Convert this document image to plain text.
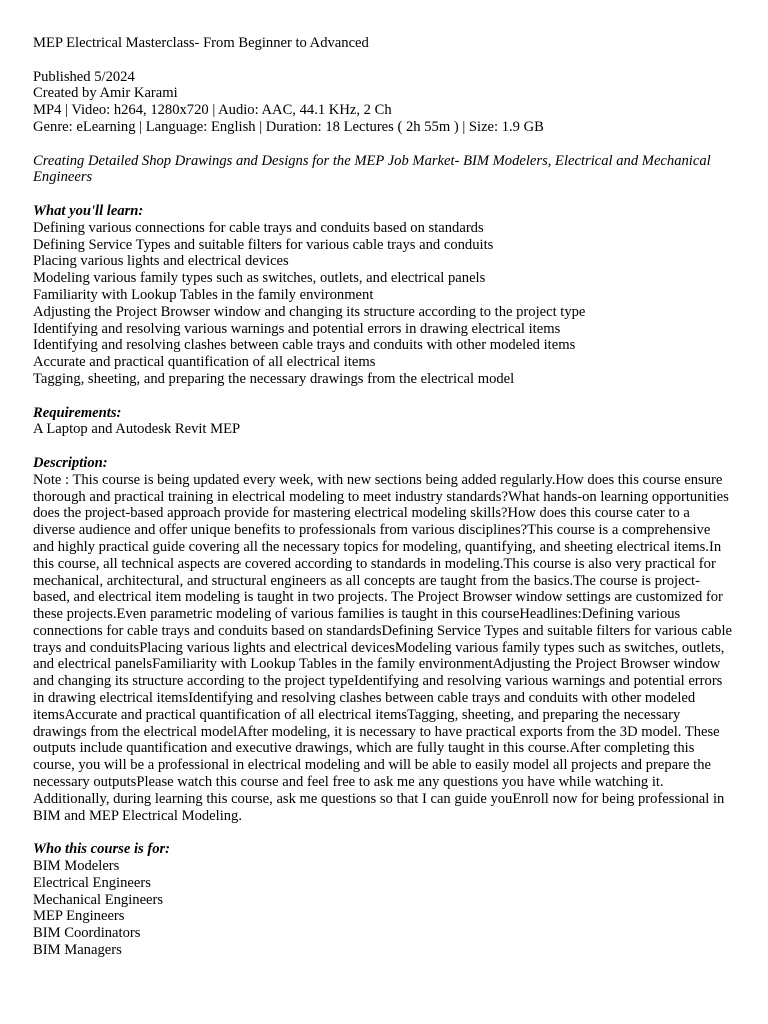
MEP Electrical Masterclass- From Beginner to Advanced
Published 5/2024
Created by Amir Karami
MP4 | Video: h264, 1280x720 | Audio: AAC, 44.1 KHz, 2 Ch
Genre: eLearning | Language: English | Duration: 18 Lectures ( 2h 55m ) | Size: 1.9 GB
Creating Detailed Shop Drawings and Designs for the MEP Job Market- BIM Modelers, Electrical and Mechanical Engineers
What you'll learn:
Defining various connections for cable trays and conduits based on standards
Defining Service Types and suitable filters for various cable trays and conduits
Placing various lights and electrical devices
Modeling various family types such as switches, outlets, and electrical panels
Familiarity with Lookup Tables in the family environment
Adjusting the Project Browser window and changing its structure according to the project type
Identifying and resolving various warnings and potential errors in drawing electrical items
Identifying and resolving clashes between cable trays and conduits with other modeled items
Accurate and practical quantification of all electrical items
Tagging, sheeting, and preparing the necessary drawings from the electrical model
Requirements:
A Laptop and Autodesk Revit MEP
Description:
Note : This course is being updated every week, with new sections being added regularly.How does this course ensure thorough and practical training in electrical modeling to meet industry standards?What hands-on learning opportunities does the project-based approach provide for mastering electrical modeling skills?How does this course cater to a diverse audience and offer unique benefits to professionals from various disciplines?This course is a comprehensive and highly practical guide covering all the necessary topics for modeling, quantifying, and sheeting electrical items.In this course, all technical aspects are covered according to standards in modeling.This course is also very practical for mechanical, architectural, and structural engineers as all concepts are taught from the basics.The course is project-based, and electrical item modeling is taught in two projects. The Project Browser window settings are customized for these projects.Even parametric modeling of various families is taught in this courseHeadlines:Defining various connections for cable trays and conduits based on standardsDefining Service Types and suitable filters for various cable trays and conduitsPlacing various lights and electrical devicesModeling various family types such as switches, outlets, and electrical panelsFamiliarity with Lookup Tables in the family environmentAdjusting the Project Browser window and changing its structure according to the project typeIdentifying and resolving various warnings and potential errors in drawing electrical itemsIdentifying and resolving clashes between cable trays and conduits with other modeled itemsAccurate and practical quantification of all electrical itemsTagging, sheeting, and preparing the necessary drawings from the electrical modelAfter modeling, it is necessary to have practical exports from the 3D model. These outputs include quantification and executive drawings, which are fully taught in this course.After completing this course, you will be a professional in electrical modeling and will be able to easily model all projects and prepare the necessary outputsPlease watch this course and feel free to ask me any questions you have while watching it. Additionally, during learning this course, ask me questions so that I can guide youEnroll now for being professional in BIM and MEP Electrical Modeling.
Who this course is for:
BIM Modelers
Electrical Engineers
Mechanical Engineers
MEP Engineers
BIM Coordinators
BIM Managers
